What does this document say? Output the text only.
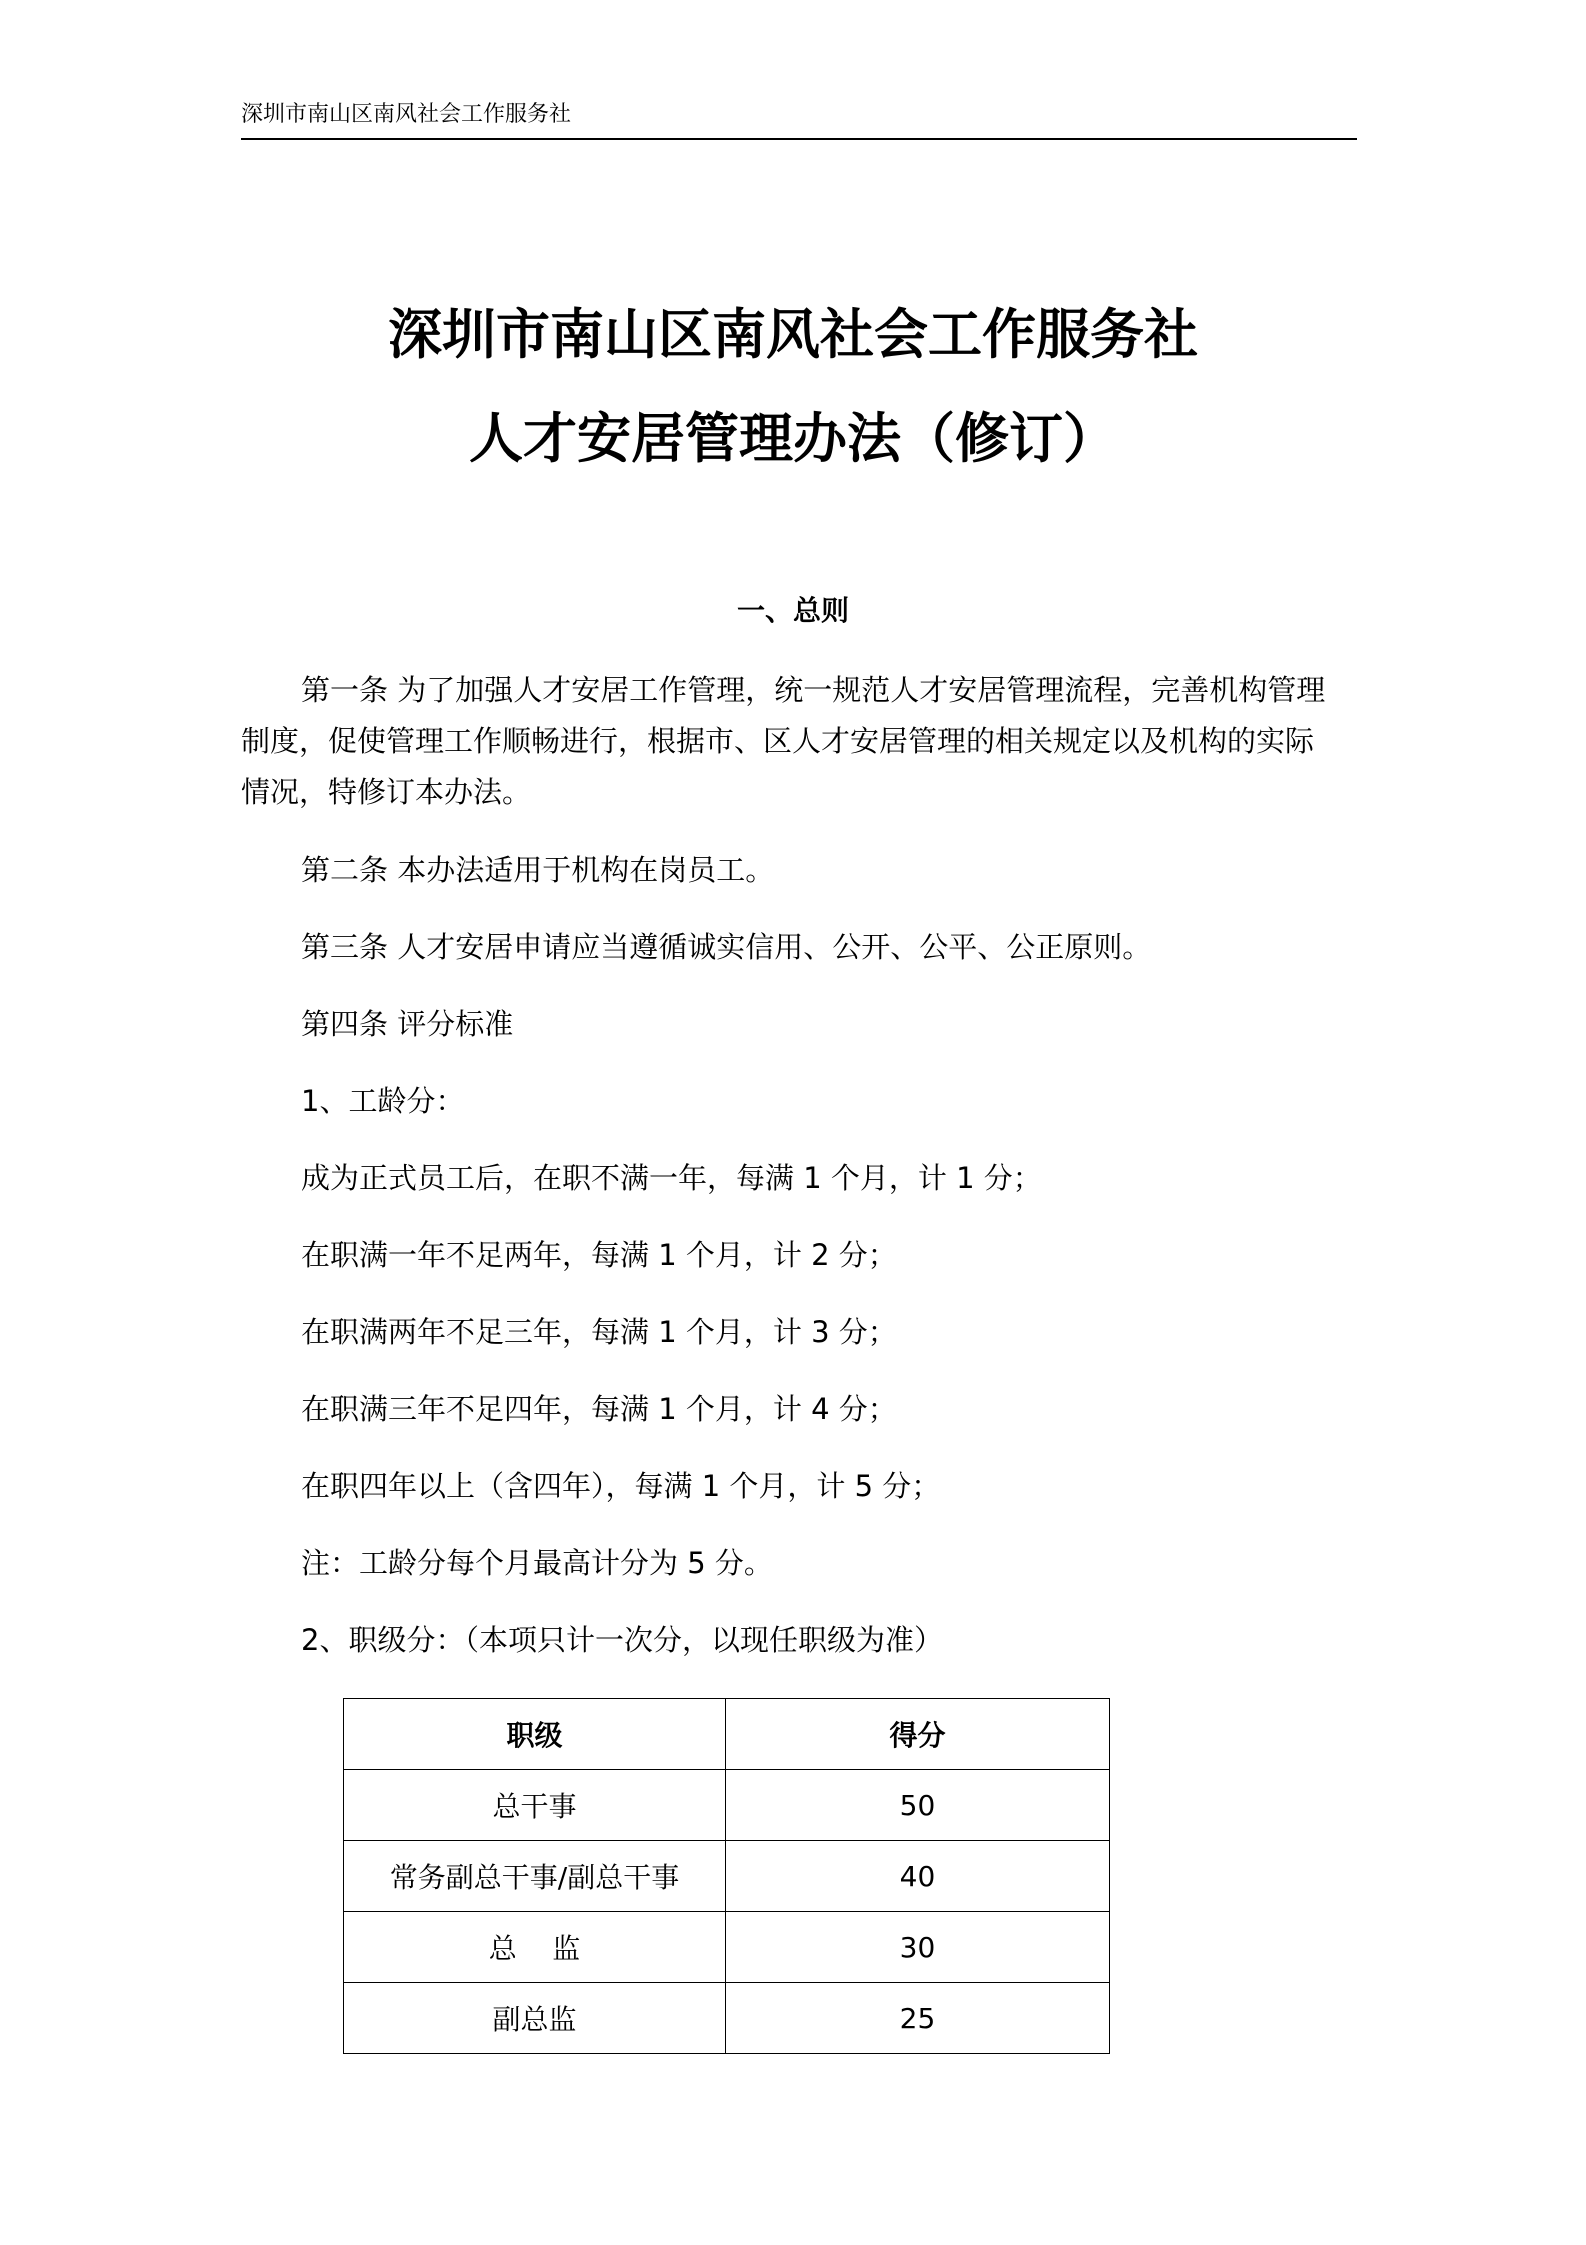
深圳市南山区南风社会工作服务社
深圳市南山区南风社会工作服务社
人才安居管理办法（修订）
一、总则
第一条 为了加强人才安居工作管理，统一规范人才安居管理流程，完善机构管理
制度，促使管理工作顺畅进行，根据市、区人才安居管理的相关规定以及机构的实际
情况，特修订本办法。
第二条 本办法适用于机构在岗员工。
第三条 人才安居申请应当遵循诚实信用、公开、公平、公正原则。
第四条 评分标准
1、工龄分：
成为正式员工后，在职不满一年，每满 1 个月，计 1 分；
在职满一年不足两年，每满 1 个月，计 2 分；
在职满两年不足三年，每满 1 个月，计 3 分；
在职满三年不足四年，每满 1 个月，计 4 分；
在职四年以上（含四年），每满 1 个月，计 5 分；
注：工龄分每个月最高计分为 5 分。
2、职级分：（本项只计一次分，以现任职级为准）
职级	得分
总干事	50
常务副总干事/副总干事	40
总    监	30
副总监	25
